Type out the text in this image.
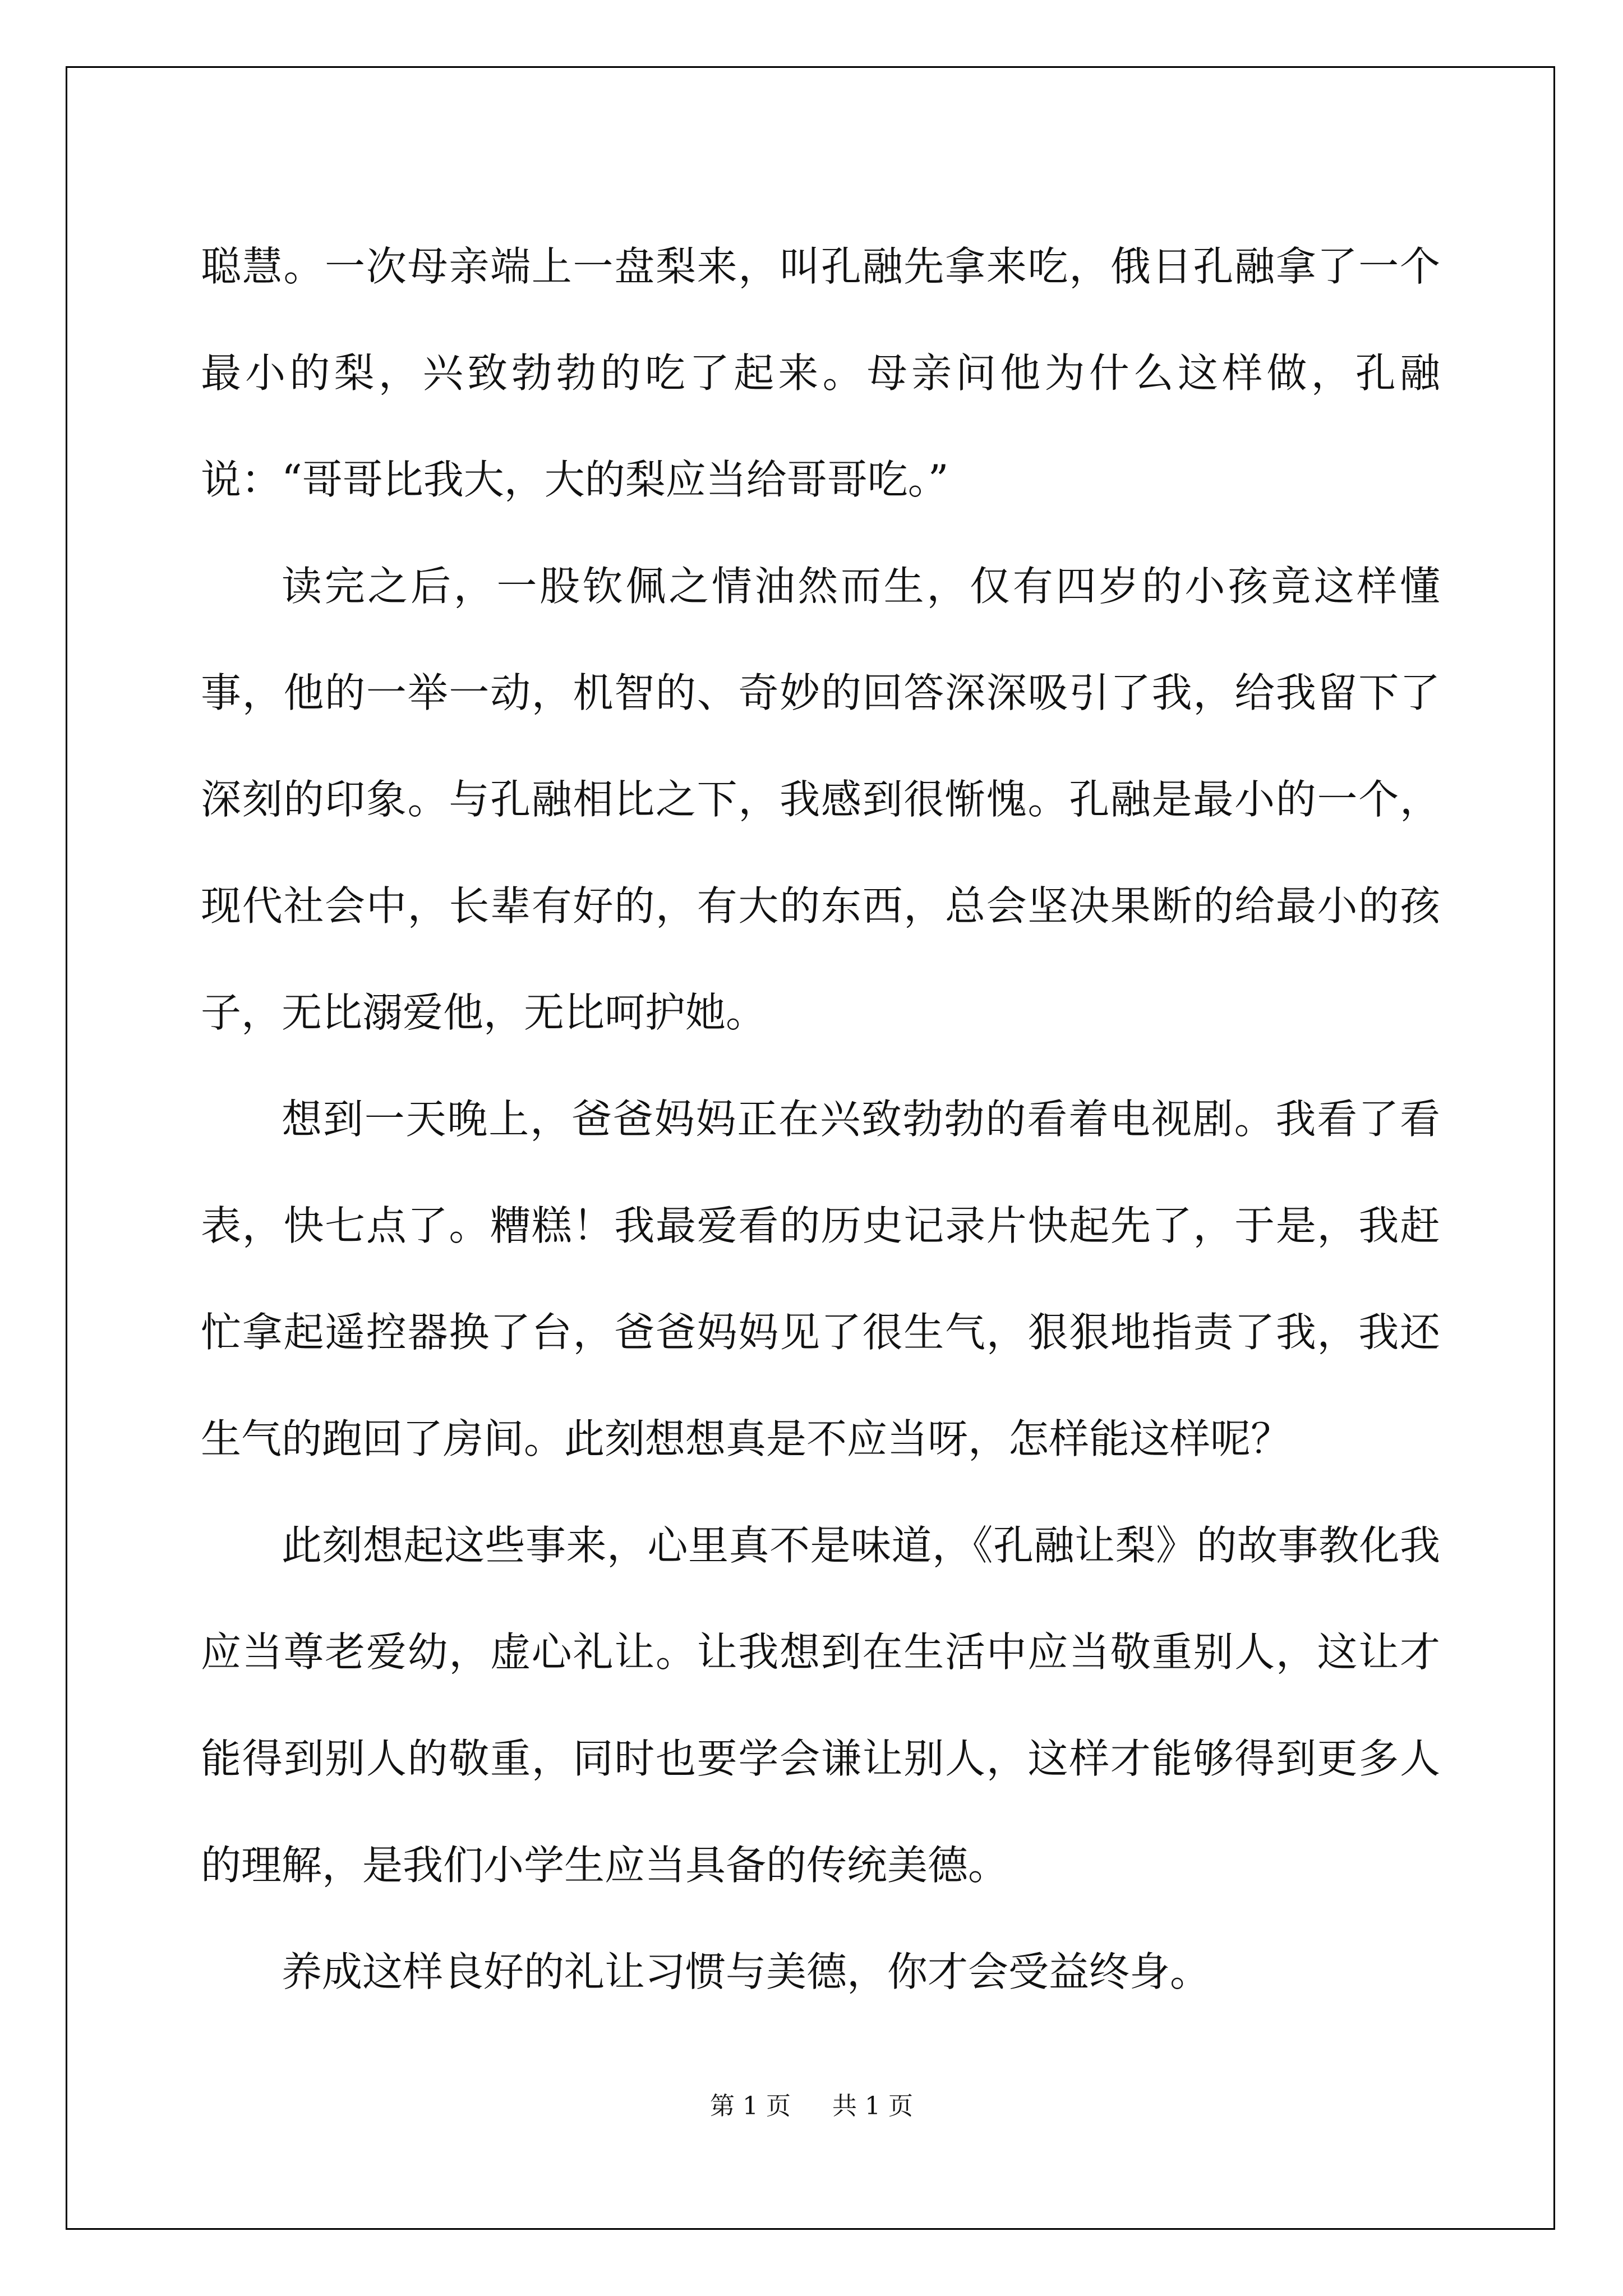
聪慧。一次母亲端上一盘梨来，叫孔融先拿来吃，俄日孔融拿了一个最小的梨，兴致勃勃的吃了起来。母亲问他为什么这样做，孔融说：“哥哥比我大，大的梨应当给哥哥吃。”

读完之后，一股钦佩之情油然而生，仅有四岁的小孩竟这样懂事，他的一举一动，机智的、奇妙的回答深深吸引了我，给我留下了深刻的印象。与孔融相比之下，我感到很惭愧。孔融是最小的一个，现代社会中，长辈有好的，有大的东西，总会坚决果断的给最小的孩子，无比溺爱他，无比呵护她。

想到一天晚上，爸爸妈妈正在兴致勃勃的看着电视剧。我看了看表，快七点了。糟糕！我最爱看的历史记录片快起先了，于是，我赶忙拿起遥控器换了台，爸爸妈妈见了很生气，狠狠地指责了我，我还生气的跑回了房间。此刻想想真是不应当呀，怎样能这样呢？

此刻想起这些事来，心里真不是味道，《孔融让梨》的故事教化我应当尊老爱幼，虚心礼让。让我想到在生活中应当敬重别人，这让才能得到别人的敬重，同时也要学会谦让别人，这样才能够得到更多人的理解，是我们小学生应当具备的传统美德。

养成这样良好的礼让习惯与美德，你才会受益终身。

第 1 页 共 1 页
